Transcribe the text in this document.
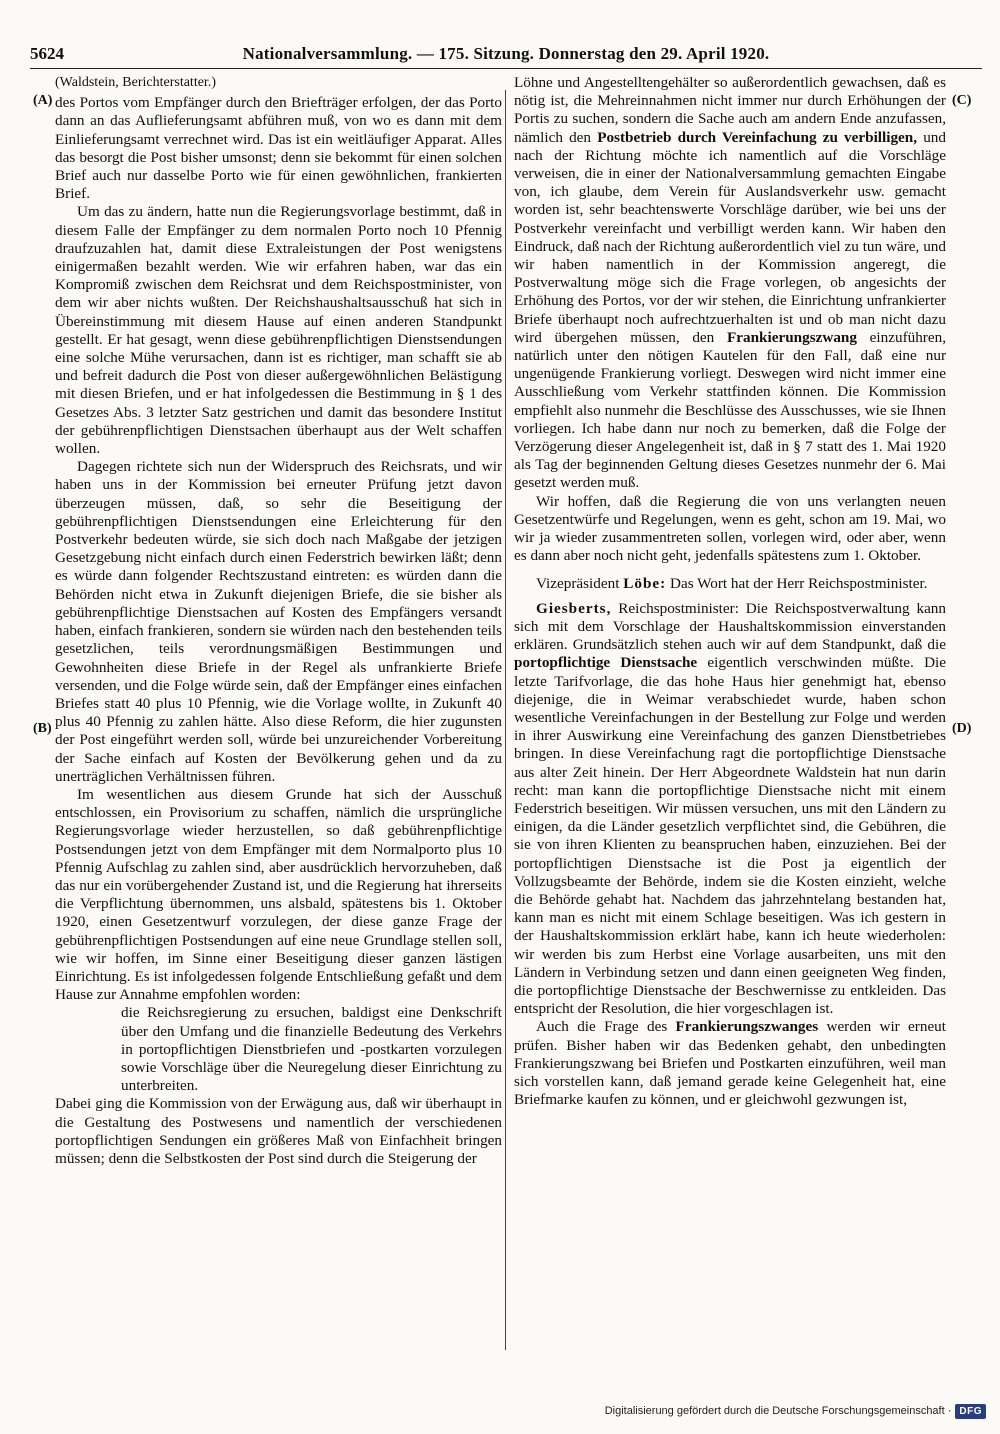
5624	Nationalversammlung. — 175. Sitzung. Donnerstag den 29. April 1920.
(A)
(B)
(C)
(D)
(Waldstein, Berichterstatter.)

des Portos vom Empfänger durch den Briefträger erfolgen, der das Porto dann an das Auflieferungsamt abführen muß, von wo es dann mit dem Einlieferungsamt verrechnet wird. Das ist ein weitläufiger Apparat. Alles das besorgt die Post bisher umsonst; denn sie bekommt für einen solchen Brief auch nur dasselbe Porto wie für einen gewöhnlichen, frankierten Brief.

Um das zu ändern, hatte nun die Regierungsvorlage bestimmt, daß in diesem Falle der Empfänger zu dem normalen Porto noch 10 Pfennig draufzuzahlen hat, damit diese Extraleistungen der Post wenigstens einigermaßen bezahlt werden. Wie wir erfahren haben, war das ein Kompromiß zwischen dem Reichsrat und dem Reichspostminister, von dem wir aber nichts wußten. Der Reichshaushaltsausschuß hat sich in Übereinstimmung mit diesem Hause auf einen anderen Standpunkt gestellt. Er hat gesagt, wenn diese gebührenpflichtigen Dienstsendungen eine solche Mühe verursachen, dann ist es richtiger, man schafft sie ab und befreit dadurch die Post von dieser außergewöhnlichen Belästigung mit diesen Briefen, und er hat infolgedessen die Bestimmung in § 1 des Gesetzes Abs. 3 letzter Satz gestrichen und damit das besondere Institut der gebührenpflichtigen Dienstsachen überhaupt aus der Welt schaffen wollen.

Dagegen richtete sich nun der Widerspruch des Reichsrats, und wir haben uns in der Kommission bei erneuter Prüfung jetzt davon überzeugen müssen, daß, so sehr die Beseitigung der gebührenpflichtigen Dienstsendungen eine Erleichterung für den Postverkehr bedeuten würde, sie sich doch nach Maßgabe der jetzigen Gesetzgebung nicht einfach durch einen Federstrich bewirken läßt; denn es würde dann folgender Rechtszustand eintreten: es würden dann die Behörden nicht etwa in Zukunft diejenigen Briefe, die sie bisher als gebührenpflichtige Dienstsachen auf Kosten des Empfängers versandt haben, einfach frankieren, sondern sie würden nach den bestehenden teils gesetzlichen, teils verordnungsmäßigen Bestimmungen und Gewohnheiten diese Briefe in der Regel als unfrankierte Briefe versenden, und die Folge würde sein, daß der Empfänger eines einfachen Briefes statt 40 plus 10 Pfennig, wie die Vorlage wollte, in Zukunft 40 plus 40 Pfennig zu zahlen hätte. Also diese Reform, die hier zugunsten der Post eingeführt werden soll, würde bei unzureichender Vorbereitung der Sache einfach auf Kosten der Bevölkerung gehen und da zu unerträglichen Verhältnissen führen.

Im wesentlichen aus diesem Grunde hat sich der Ausschuß entschlossen, ein Provisorium zu schaffen, nämlich die ursprüngliche Regierungsvorlage wieder herzustellen, so daß gebührenpflichtige Postsendungen jetzt von dem Empfänger mit dem Normalporto plus 10 Pfennig Aufschlag zu zahlen sind, aber ausdrücklich hervorzuheben, daß das nur ein vorübergehender Zustand ist, und die Regierung hat ihrerseits die Verpflichtung übernommen, uns alsbald, spätestens bis 1. Oktober 1920, einen Gesetzentwurf vorzulegen, der diese ganze Frage der gebührenpflichtigen Postsendungen auf eine neue Grundlage stellen soll, wie wir hoffen, im Sinne einer Beseitigung dieser ganzen lästigen Einrichtung. Es ist infolgedessen folgende Entschließung gefaßt und dem Hause zur Annahme empfohlen worden:

die Reichsregierung zu ersuchen, baldigst eine Denkschrift über den Umfang und die finanzielle Bedeutung des Verkehrs in portopflichtigen Dienstbriefen und -postkarten vorzulegen sowie Vorschläge über die Neuregelung dieser Einrichtung zu unterbreiten.

Dabei ging die Kommission von der Erwägung aus, daß wir überhaupt in die Gestaltung des Postwesens und namentlich der verschiedenen portopflichtigen Sendungen ein größeres Maß von Einfachheit bringen müssen; denn die Selbstkosten der Post sind durch die Steigerung der

Löhne und Angestelltengehälter so außerordentlich gewachsen, daß es nötig ist, die Mehreinnahmen nicht immer nur durch Erhöhungen der Portis zu suchen, sondern die Sache auch am andern Ende anzufassen, nämlich den Postbetrieb durch Vereinfachung zu verbilligen, und nach der Richtung möchte ich namentlich auf die Vorschläge verweisen, die in einer der Nationalversammlung gemachten Eingabe von, ich glaube, dem Verein für Auslandsverkehr usw. gemacht worden ist, sehr beachtenswerte Vorschläge darüber, wie bei uns der Postverkehr vereinfacht und verbilligt werden kann. Wir haben den Eindruck, daß nach der Richtung außerordentlich viel zu tun wäre, und wir haben namentlich in der Kommission angeregt, die Postverwaltung möge sich die Frage vorlegen, ob angesichts der Erhöhung des Portos, vor der wir stehen, die Einrichtung unfrankierter Briefe überhaupt noch aufrechtzuerhalten ist und ob man nicht dazu wird übergehen müssen, den Frankierungszwang einzuführen, natürlich unter den nötigen Kautelen für den Fall, daß eine nur ungenügende Frankierung vorliegt. Deswegen wird nicht immer eine Ausschließung vom Verkehr stattfinden können. Die Kommission empfiehlt also nunmehr die Beschlüsse des Ausschusses, wie sie Ihnen vorliegen. Ich habe dann nur noch zu bemerken, daß die Folge der Verzögerung dieser Angelegenheit ist, daß in § 7 statt des 1. Mai 1920 als Tag der beginnenden Geltung dieses Gesetzes nunmehr der 6. Mai gesetzt werden muß.

Wir hoffen, daß die Regierung die von uns verlangten neuen Gesetzentwürfe und Regelungen, wenn es geht, schon am 19. Mai, wo wir ja wieder zusammentreten sollen, vorlegen wird, oder aber, wenn es dann aber noch nicht geht, jedenfalls spätestens zum 1. Oktober.

Vizepräsident Löbe: Das Wort hat der Herr Reichspostminister.

Giesberts, Reichspostminister: Die Reichspostverwaltung kann sich mit dem Vorschlage der Haushaltskommission einverstanden erklären. Grundsätzlich stehen auch wir auf dem Standpunkt, daß die portopflichtige Dienstsache eigentlich verschwinden müßte. Die letzte Tarifvorlage, die das hohe Haus hier genehmigt hat, ebenso diejenige, die in Weimar verabschiedet wurde, haben schon wesentliche Vereinfachungen in der Bestellung zur Folge und werden in ihrer Auswirkung eine Vereinfachung des ganzen Dienstbetriebes bringen. In diese Vereinfachung ragt die portopflichtige Dienstsache aus alter Zeit hinein. Der Herr Abgeordnete Waldstein hat nun darin recht: man kann die portopflichtige Dienstsache nicht mit einem Federstrich beseitigen. Wir müssen versuchen, uns mit den Ländern zu einigen, da die Länder gesetzlich verpflichtet sind, die Gebühren, die sie von ihren Klienten zu beanspruchen haben, einzuziehen. Bei der portopflichtigen Dienstsache ist die Post ja eigentlich der Vollzugsbeamte der Behörde, indem sie die Kosten einzieht, welche die Behörde gehabt hat. Nachdem das jahrzehntelang bestanden hat, kann man es nicht mit einem Schlage beseitigen. Was ich gestern in der Haushaltskommission erklärt habe, kann ich heute wiederholen: wir werden bis zum Herbst eine Vorlage ausarbeiten, uns mit den Ländern in Verbindung setzen und dann einen geeigneten Weg finden, die portopflichtige Dienstsache der Beschwernisse zu entkleiden. Das entspricht der Resolution, die hier vorgeschlagen ist.

Auch die Frage des Frankierungszwanges werden wir erneut prüfen. Bisher haben wir das Bedenken gehabt, den unbedingten Frankierungszwang bei Briefen und Postkarten einzuführen, weil man sich vorstellen kann, daß jemand gerade keine Gelegenheit hat, eine Briefmarke kaufen zu können, und er gleichwohl gezwungen ist,

Digitalisierung gefördert durch die Deutsche Forschungsgemeinschaft · DFG
